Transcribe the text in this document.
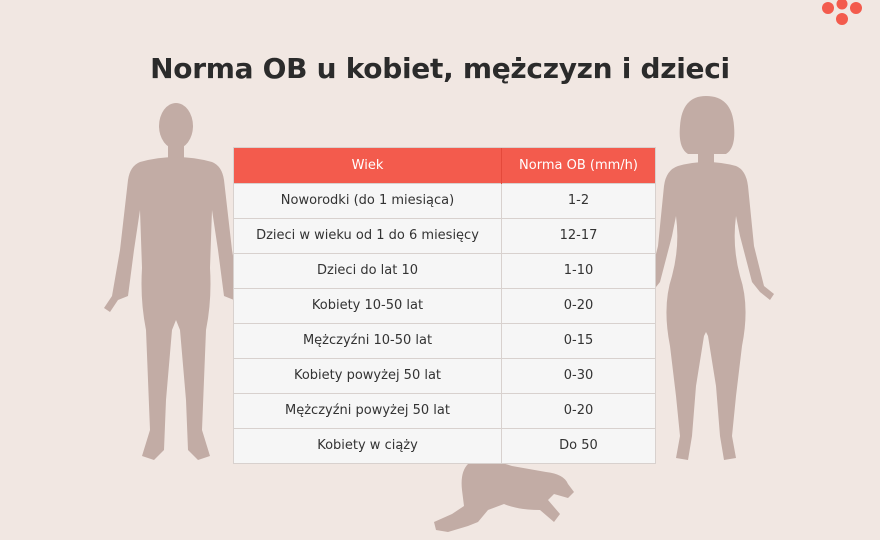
Norma OB u kobiet, mężczyzn i dzieci
Wiek	Norma OB (mm/h)
Noworodki (do 1 miesiąca)	1-2
Dzieci w wieku od 1 do 6 miesięcy	12-17
Dzieci do lat 10	1-10
Kobiety 10-50 lat	0-20
Mężczyźni 10-50 lat	0-15
Kobiety powyżej 50 lat	0-30
Mężczyźni powyżej 50 lat	0-20
Kobiety w ciąży	Do 50
